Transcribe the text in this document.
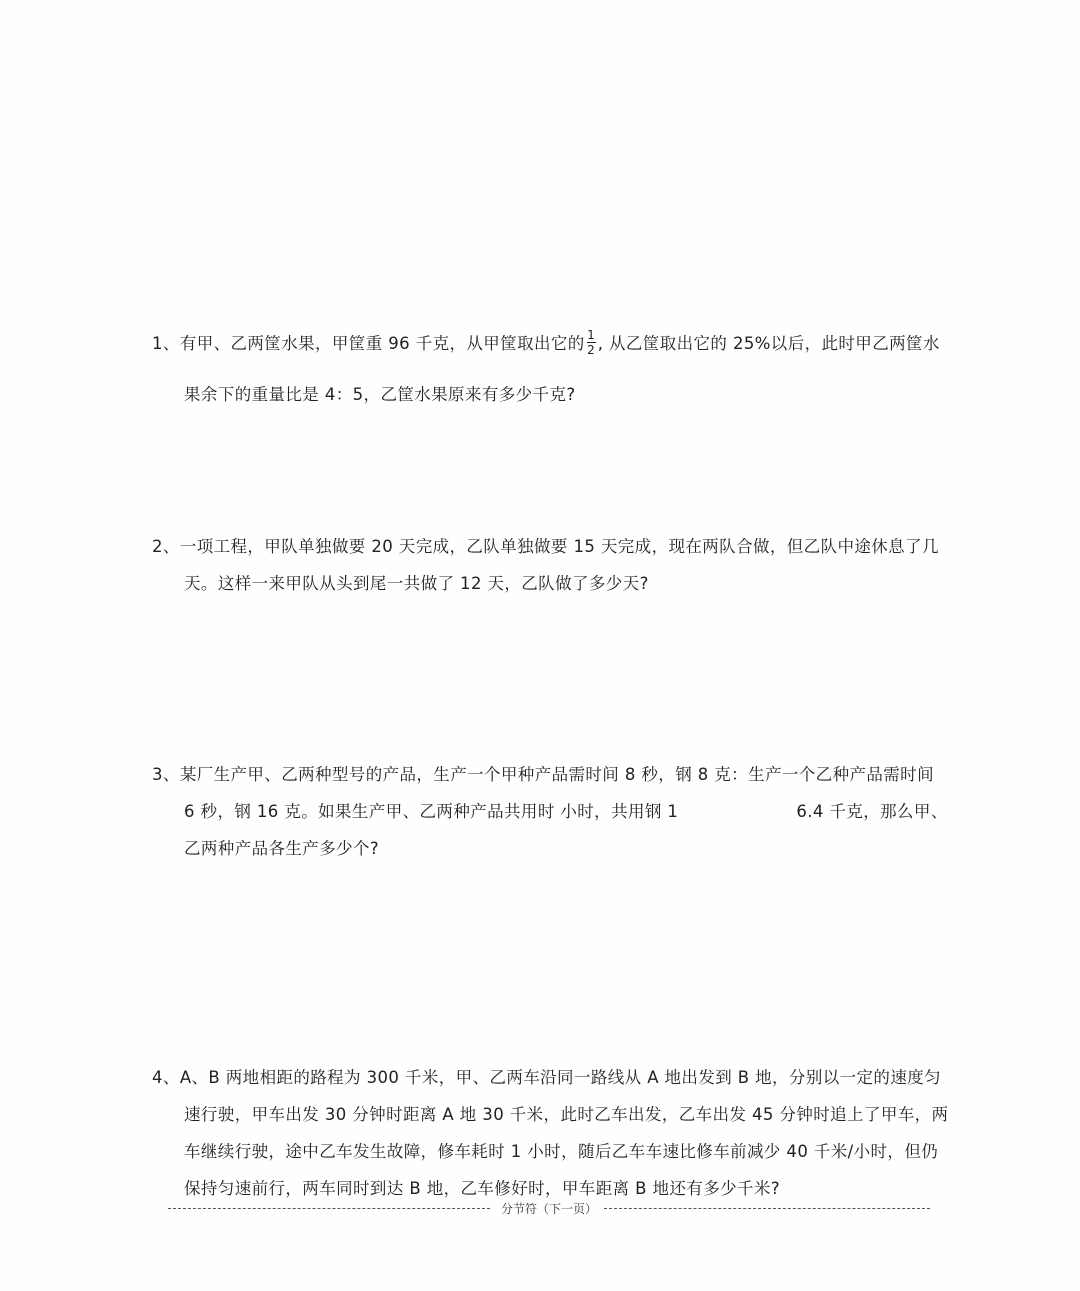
1、有甲、乙两筐水果，甲筐重 96 千克，从甲筐取出它的 $\frac{1}{2}$ , 从乙筐取出它的 25%以后，此时甲乙两筐水
果余下的重量比是 4：5，乙筐水果原来有多少千克?
2、一项工程，甲队单独做要 20 天完成，乙队单独做要 15 天完成，现在两队合做，但乙队中途休息了几
天。这样一来甲队从头到尾一共做了 12 天，乙队做了多少天?
3、某厂生产甲、乙两种型号的产品，生产一个甲种产品需时间 8 秒，钢 8 克：生产一个乙种产品需时间
6 秒，钢 16 克。如果生产甲、乙两种产品共用时 小时，共用钢 1	6.4 千克，那么甲、
乙两种产品各生产多少个?
4、A、B 两地相距的路程为 300 千米，甲、乙两车沿同一路线从 A 地出发到 B 地，分别以一定的速度匀
速行驶，甲车出发 30 分钟时距离 A 地 30 千米，此时乙车出发，乙车出发 45 分钟时追上了甲车，两
车继续行驶，途中乙车发生故障，修车耗时 1 小时，随后乙车车速比修车前减少 40 千米/小时，但仍
保持匀速前行，两车同时到达 B 地，乙车修好时，甲车距离 B 地还有多少千米?
分节符（下一页）
